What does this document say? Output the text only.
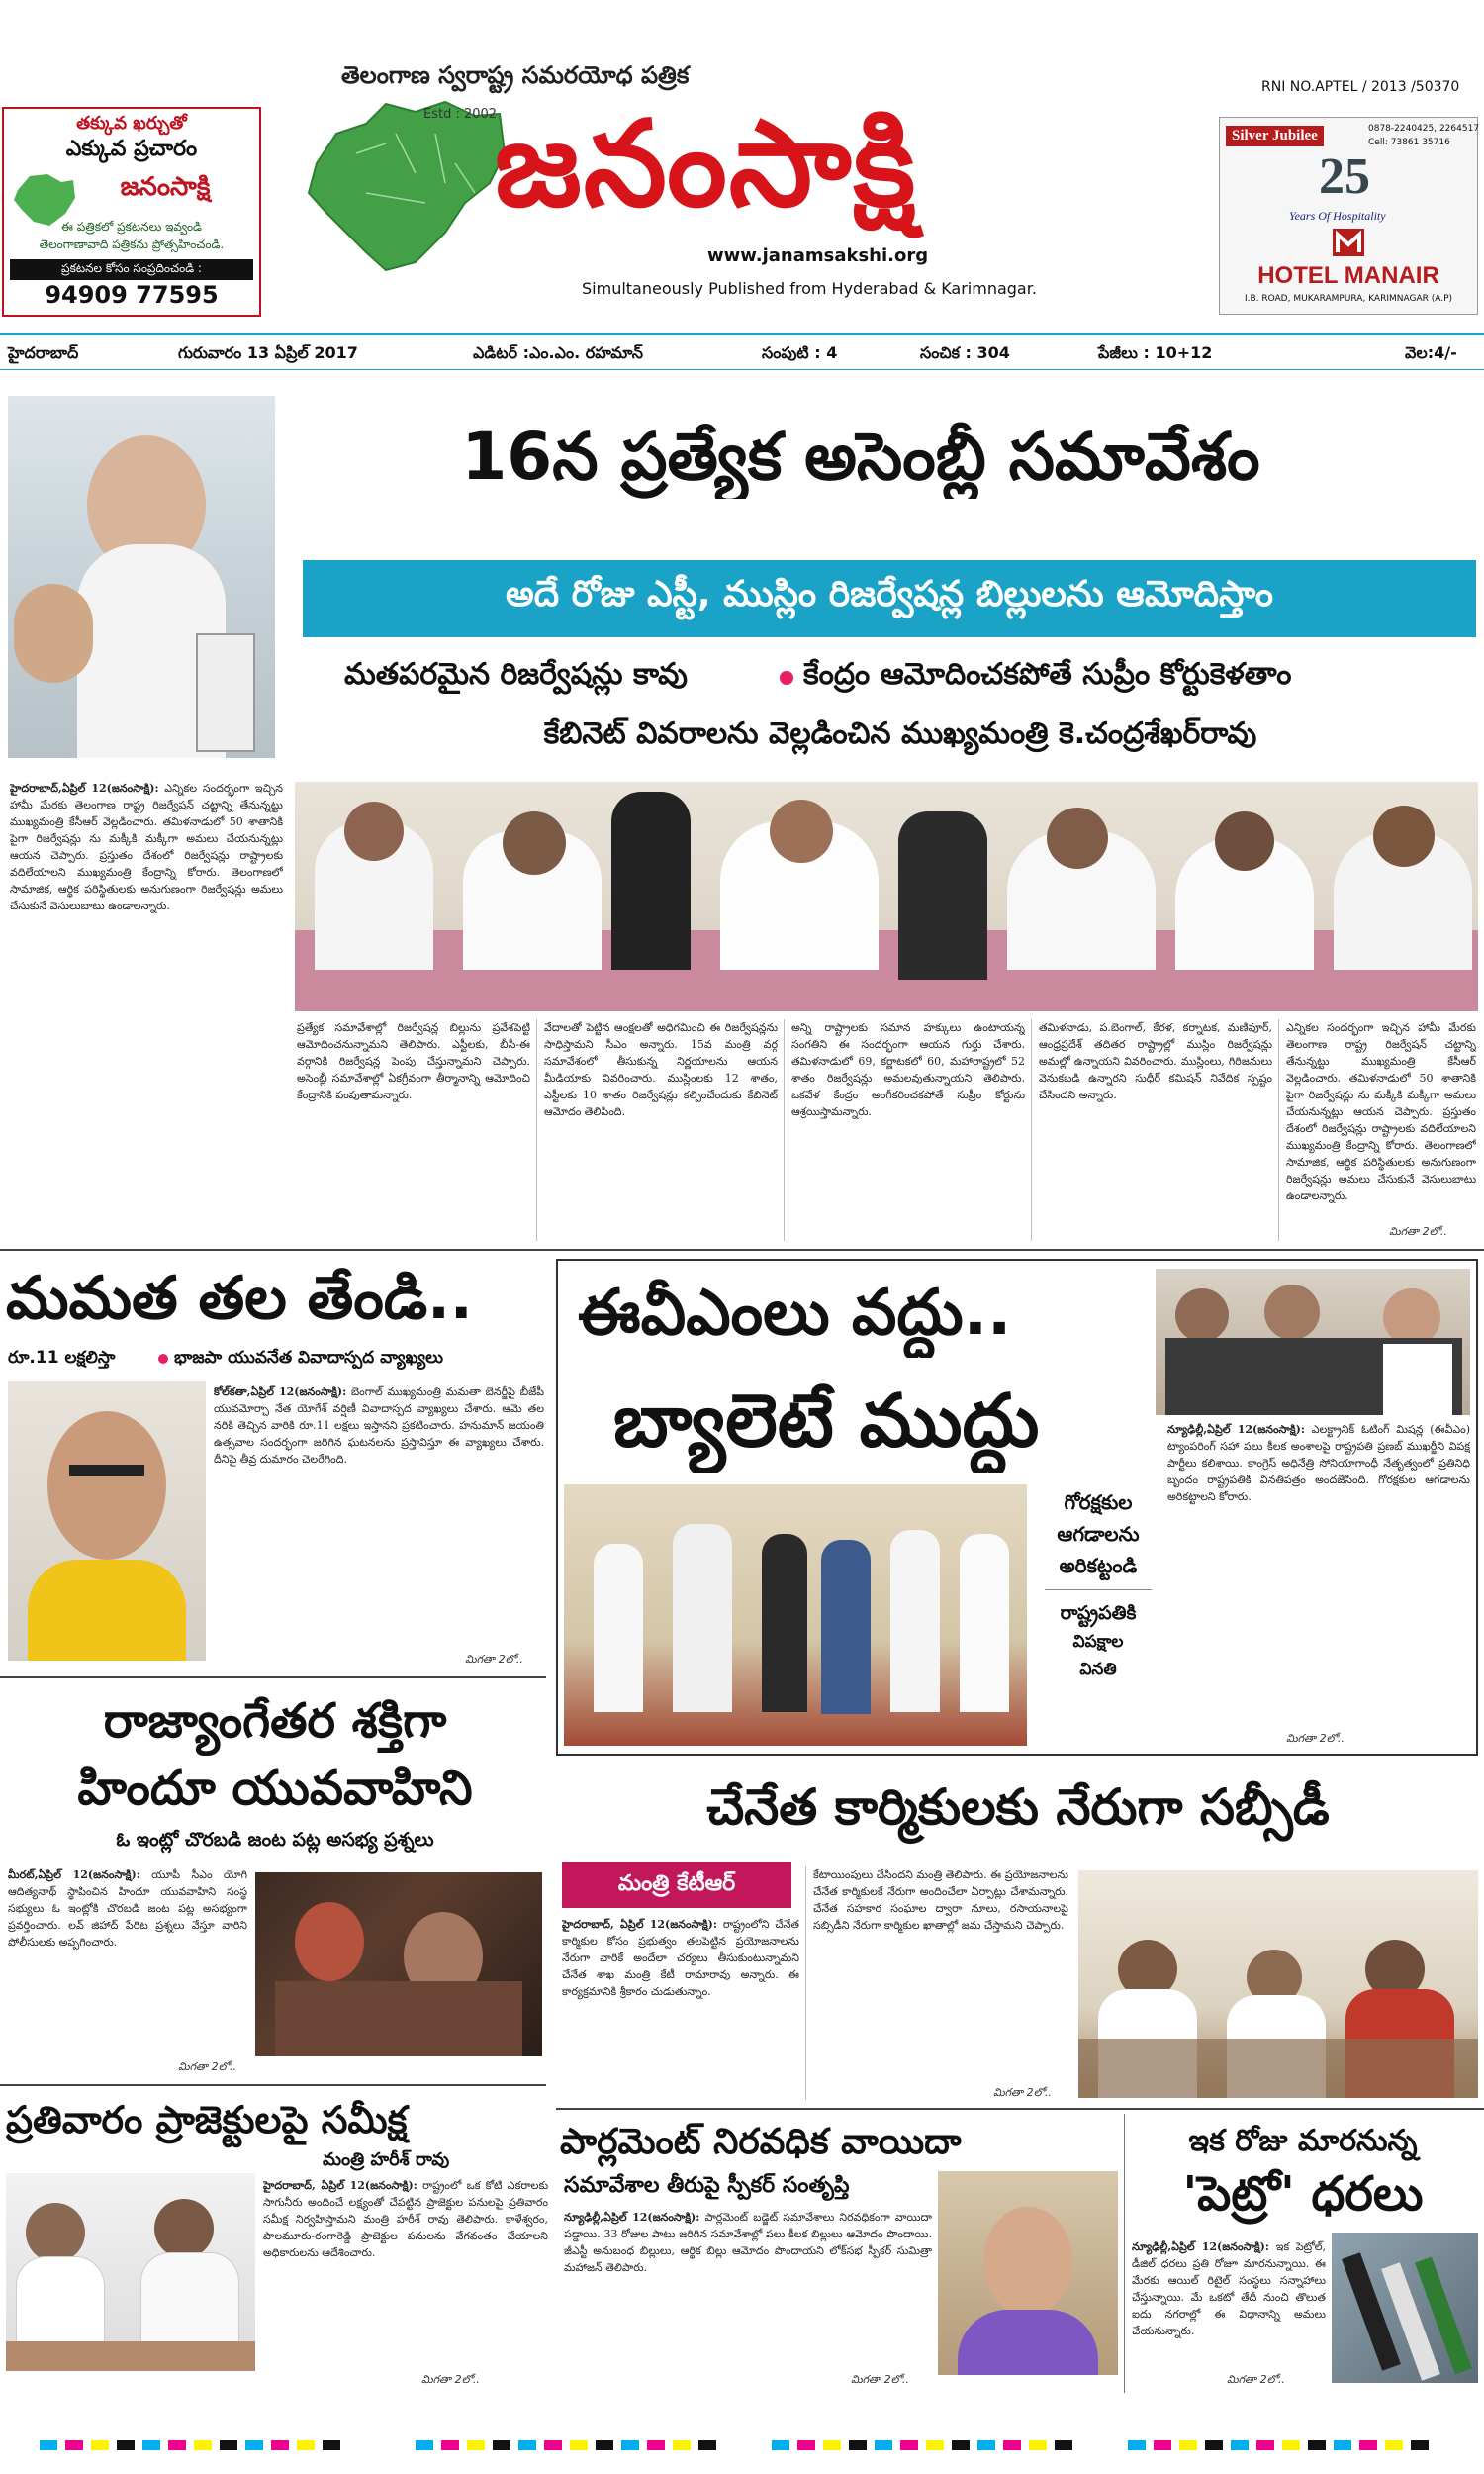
తక్కువ ఖర్చుతో
ఎక్కువ ప్రచారం
జనంసాక్షి
ఈ పత్రికలో ప్రకటనలు ఇవ్వండి
తెలంగాణావాది పత్రికను ప్రోత్సహించండి.
ప్రకటనల కోసం సంప్రదించండి :
94909 77595
తెలంగాణ స్వరాష్ట్ర సమరయోధ పత్రిక
Estd : 2002
జనంసాక్షి
www.janamsakshi.org
Simultaneously Published from Hyderabad & Karimnagar.
RNI NO.APTEL / 2013 /50370
Silver Jubilee	0878-2240425, 2264517
Cell: 73861 35716
25
Years Of Hospitality
HOTEL MANAIR
I.B. ROAD, MUKARAMPURA, KARIMNAGAR (A.P)
హైదరాబాద్	గురువారం 13 ఏప్రిల్ 2017	ఎడిటర్ :ఎం.ఎం. రహమాన్	సంపుటి : 4	సంచిక : 304	పేజీలు : 10+12	వెల:4/-
16న ప్రత్యేక అసెంబ్లీ సమావేశం
అదే రోజు ఎస్టీ, ముస్లిం రిజర్వేషన్ల బిల్లులను ఆమోదిస్తాం
మతపరమైన రిజర్వేషన్లు కావు	కేంద్రం ఆమోదించకపోతే సుప్రీం కోర్టుకెళతాం
కేబినెట్ వివరాలను వెల్లడించిన ముఖ్యమంత్రి కె.చంద్రశేఖర్‌రావు
హైదరాబాద్,ఏప్రిల్ 12(జనంసాక్షి): ఎన్నికల సందర్భంగా ఇచ్చిన హామీ మేరకు తెలంగాణ రాష్ట్ర రిజర్వేషన్ చట్టాన్ని తేనున్నట్టు ముఖ్యమంత్రి కేసీఆర్ వెల్లడించారు. తమిళనాడులో 50 శాతానికి పైగా రిజర్వేషన్లు ను మక్కీకి మక్కీగా అమలు చేయనున్నట్లు ఆయన చెప్పారు. ప్రస్తుతం దేశంలో రిజర్వేషన్లు రాష్ట్రాలకు వదిలేయాలని ముఖ్యమంత్రి కేంద్రాన్ని కోరారు. తెలంగాణలో సామాజిక, ఆర్థిక పరిస్థితులకు అనుగుణంగా రిజర్వేషన్లు అమలు చేసుకునే వెసులుబాటు ఉండాలన్నారు.
ప్రత్యేక సమావేశాల్లో రిజర్వేషన్ల బిల్లును ప్రవేశపెట్టి ఆమోదించనున్నామని తెలిపారు. ఎస్టీలకు, బీసీ-ఈ వర్గానికి రిజర్వేషన్ల పెంపు చేస్తున్నామని చెప్పారు. అసెంబ్లీ సమావేశాల్లో ఏకగ్రీవంగా తీర్మానాన్ని ఆమోదించి కేంద్రానికి పంపుతామన్నారు.
వేదాలతో పెట్టిన ఆంక్షలతో అధిగమించి ఈ రిజర్వేషన్లను సాధిస్తామని సీఎం అన్నారు. 15వ మంత్రి వర్గ సమావేశంలో తీసుకున్న నిర్ణయాలను ఆయన మీడియాకు వివరించారు. ముస్లింలకు 12 శాతం, ఎస్టీలకు 10 శాతం రిజర్వేషన్లు కల్పించేందుకు కేబినెట్ ఆమోదం తెలిపింది.
అన్ని రాష్ట్రాలకు సమాన హక్కులు ఉంటాయన్న సంగతిని ఈ సందర్భంగా ఆయన గుర్తు చేశారు. తమిళనాడులో 69, కర్ణాటకలో 60, మహారాష్ట్రలో 52 శాతం రిజర్వేషన్లు అమలవుతున్నాయని తెలిపారు. ఒకవేళ కేంద్రం అంగీకరించకపోతే సుప్రీం కోర్టును ఆశ్రయిస్తామన్నారు.
తమిళనాడు, ప.బెంగాల్, కేరళ, కర్నాటక, మణిపూర్, ఆంధ్రప్రదేశ్ తదితర రాష్ట్రాల్లో ముస్లిం రిజర్వేషన్లు అమల్లో ఉన్నాయని వివరించారు. ముస్లింలు, గిరిజనులు వెనుకబడి ఉన్నారని సుధీర్ కమిషన్ నివేదిక స్పష్టం చేసిందని అన్నారు.
ఎన్నికల సందర్భంగా ఇచ్చిన హామీ మేరకు తెలంగాణ రాష్ట్ర రిజర్వేషన్ చట్టాన్ని తేనున్నట్టు ముఖ్యమంత్రి కేసీఆర్ వెల్లడించారు. తమిళనాడులో 50 శాతానికి పైగా రిజర్వేషన్లు ను మక్కీకి మక్కీగా అమలు చేయనున్నట్లు ఆయన చెప్పారు. ప్రస్తుతం దేశంలో రిజర్వేషన్లు రాష్ట్రాలకు వదిలేయాలని ముఖ్యమంత్రి కేంద్రాన్ని కోరారు. తెలంగాణలో సామాజిక, ఆర్థిక పరిస్థితులకు అనుగుణంగా రిజర్వేషన్లు అమలు చేసుకునే వెసులుబాటు ఉండాలన్నారు.
మిగతా 2లో..
మమత తల తేండి..
రూ.11 లక్షలిస్తా	భాజపా యువనేత వివాదాస్పద వ్యాఖ్యలు
కోల్‌కతా,ఏప్రిల్ 12(జనంసాక్షి): బెంగాల్ ముఖ్యమంత్రి మమతా బెనర్జీపై బీజేపీ యువమోర్చా నేత యోగేశ్ వర్షిణీ వివాదాస్పద వ్యాఖ్యలు చేశారు. ఆమె తల నరికి తెచ్చిన వారికి రూ.11 లక్షలు ఇస్తానని ప్రకటించారు. హనుమాన్ జయంతి ఉత్సవాల సందర్భంగా జరిగిన ఘటనలను ప్రస్తావిస్తూ ఈ వ్యాఖ్యలు చేశారు. దీనిపై తీవ్ర దుమారం చెలరేగింది.
మిగతా 2లో..
రాజ్యాంగేతర శక్తిగా
హిందూ యువవాహిని
ఓ ఇంట్లో చొరబడి జంట పట్ల అసభ్య ప్రశ్నలు
మీరట్,ఏప్రిల్ 12(జనంసాక్షి): యూపీ సీఎం యోగి ఆదిత్యనాథ్ స్థాపించిన హిందూ యువవాహిని సంస్థ సభ్యులు ఓ ఇంట్లోకి చొరబడి జంట పట్ల అసభ్యంగా ప్రవర్తించారు. లవ్ జిహాద్ పేరిట ప్రశ్నలు వేస్తూ వారిని పోలీసులకు అప్పగించారు.
మిగతా 2లో..
ప్రతివారం ప్రాజెక్టులపై సమీక్ష
మంత్రి హరీశ్ రావు
హైదరాబాద్, ఏప్రిల్ 12(జనంసాక్షి): రాష్ట్రంలో ఒక కోటి ఎకరాలకు సాగునీరు అందించే లక్ష్యంతో చేపట్టిన ప్రాజెక్టుల పనులపై ప్రతివారం సమీక్ష నిర్వహిస్తామని మంత్రి హరీశ్ రావు తెలిపారు. కాళేశ్వరం, పాలమూరు-రంగారెడ్డి ప్రాజెక్టుల పనులను వేగవంతం చేయాలని అధికారులను ఆదేశించారు.
మిగతా 2లో..
ఈవీఎంలు వద్దు..
బ్యాలెటే ముద్దు
గోరక్షకుల
ఆగడాలను
అరికట్టండి
రాష్ట్రపతికి
విపక్షాల
వినతి
న్యూఢిల్లీ,ఏప్రిల్ 12(జనంసాక్షి): ఎలక్ట్రానిక్ ఓటింగ్ మిషన్ల (ఈవీఎం) ట్యాంపరింగ్ సహా పలు కీలక అంశాలపై రాష్ట్రపతి ప్రణబ్ ముఖర్జీని విపక్ష పార్టీలు కలిశాయి. కాంగ్రెస్ అధినేత్రి సోనియాగాంధీ నేతృత్వంలో ప్రతినిధి బృందం రాష్ట్రపతికి వినతిపత్రం అందజేసింది. గోరక్షకుల ఆగడాలను అరికట్టాలని కోరారు.
మిగతా 2లో..
చేనేత కార్మికులకు నేరుగా సబ్సీడీ
మంత్రి కేటీఆర్
హైదరాబాద్, ఏప్రిల్ 12(జనంసాక్షి): రాష్ట్రంలోని చేనేత కార్మికుల కోసం ప్రభుత్వం తలపెట్టిన ప్రయోజనాలను నేరుగా వారికే అందేలా చర్యలు తీసుకుంటున్నామని చేనేత శాఖ మంత్రి కేటీ రామారావు అన్నారు. ఈ కార్యక్రమానికి శ్రీకారం చుడుతున్నాం.
కేటాయింపులు చేసిందని మంత్రి తెలిపారు. ఈ ప్రయోజనాలను చేనేత కార్మికులకే నేరుగా అందించేలా ఏర్పాట్లు చేశామన్నారు. చేనేత సహకార సంఘాల ద్వారా నూలు, రసాయనాలపై సబ్సిడీని నేరుగా కార్మికుల ఖాతాల్లో జమ చేస్తామని చెప్పారు.
మిగతా 2లో..
పార్లమెంట్ నిరవధిక వాయిదా
సమావేశాల తీరుపై స్పీకర్ సంతృప్తి
న్యూఢిల్లీ,ఏప్రిల్ 12(జనంసాక్షి): పార్లమెంట్ బడ్జెట్ సమావేశాలు నిరవధికంగా వాయిదా పడ్డాయి. 33 రోజుల పాటు జరిగిన సమావేశాల్లో పలు కీలక బిల్లులు ఆమోదం పొందాయి. జీఎస్టీ అనుబంధ బిల్లులు, ఆర్థిక బిల్లు ఆమోదం పొందాయని లోక్‌సభ స్పీకర్ సుమిత్రా మహాజన్ తెలిపారు.
మిగతా 2లో..
ఇక రోజు మారనున్న
'పెట్రో' ధరలు
న్యూఢిల్లీ,ఏప్రిల్ 12(జనంసాక్షి): ఇక పెట్రోల్, డీజిల్ ధరలు ప్రతి రోజూ మారనున్నాయి. ఈ మేరకు ఆయిల్ రిటైల్ సంస్థలు సన్నాహాలు చేస్తున్నాయి. మే ఒకటో తేదీ నుంచి తొలుత ఐదు నగరాల్లో ఈ విధానాన్ని అమలు చేయనున్నారు.
మిగతా 2లో..
